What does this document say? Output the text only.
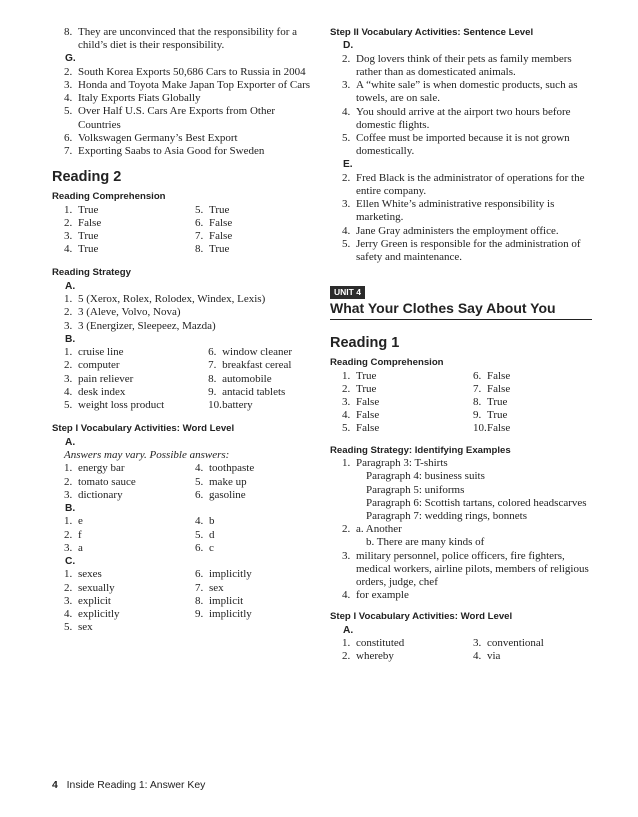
8. They are unconvinced that the responsibility for a child’s diet is their responsibility.
G.
2. South Korea Exports 50,686 Cars to Russia in 2004
3. Honda and Toyota Make Japan Top Exporter of Cars
4. Italy Exports Fiats Globally
5. Over Half U.S. Cars Are Exports from Other Countries
6. Volkswagen Germany’s Best Export
7. Exporting Saabs to Asia Good for Sweden
Reading 2
Reading Comprehension
1. True
2. False
3. True
4. True
5. True
6. False
7. False
8. True
Reading Strategy
A.
1. 5 (Xerox, Rolex, Rolodex, Windex, Lexis)
2. 3 (Aleve, Volvo, Nova)
3. 3 (Energizer, Sleepeez, Mazda)
B.
1. cruise line
2. computer
3. pain reliever
4. desk index
5. weight loss product
6. window cleaner
7. breakfast cereal
8. automobile
9. antacid tablets
10. battery
Step I Vocabulary Activities: Word Level
A.
Answers may vary. Possible answers:
1. energy bar
2. tomato sauce
3. dictionary
4. toothpaste
5. make up
6. gasoline
B.
1. e
2. f
3. a
4. b
5. d
6. c
C.
1. sexes
2. sexually
3. explicit
4. explicitly
5. sex
6. implicitly
7. sex
8. implicit
9. implicitly
Step II Vocabulary Activities: Sentence Level
D.
2. Dog lovers think of their pets as family members rather than as domesticated animals.
3. A “white sale” is when domestic products, such as towels, are on sale.
4. You should arrive at the airport two hours before domestic flights.
5. Coffee must be imported because it is not grown domestically.
E.
2. Fred Black is the administrator of operations for the entire company.
3. Ellen White’s administrative responsibility is marketing.
4. Jane Gray administers the employment office.
5. Jerry Green is responsible for the administration of safety and maintenance.
UNIT 4
What Your Clothes Say About You
Reading 1
Reading Comprehension
1. True
2. True
3. False
4. False
5. False
6. False
7. False
8. True
9. True
10. False
Reading Strategy: Identifying Examples
1. Paragraph 3: T-shirts
Paragraph 4: business suits
Paragraph 5: uniforms
Paragraph 6: Scottish tartans, colored headscarves
Paragraph 7: wedding rings, bonnets
2. a. Another
b. There are many kinds of
3. military personnel, police officers, fire fighters, medical workers, airline pilots, members of religious orders, judge, chef
4. for example
Step I Vocabulary Activities: Word Level
A.
1. constituted
2. whereby
3. conventional
4. via
4 Inside Reading 1: Answer Key
